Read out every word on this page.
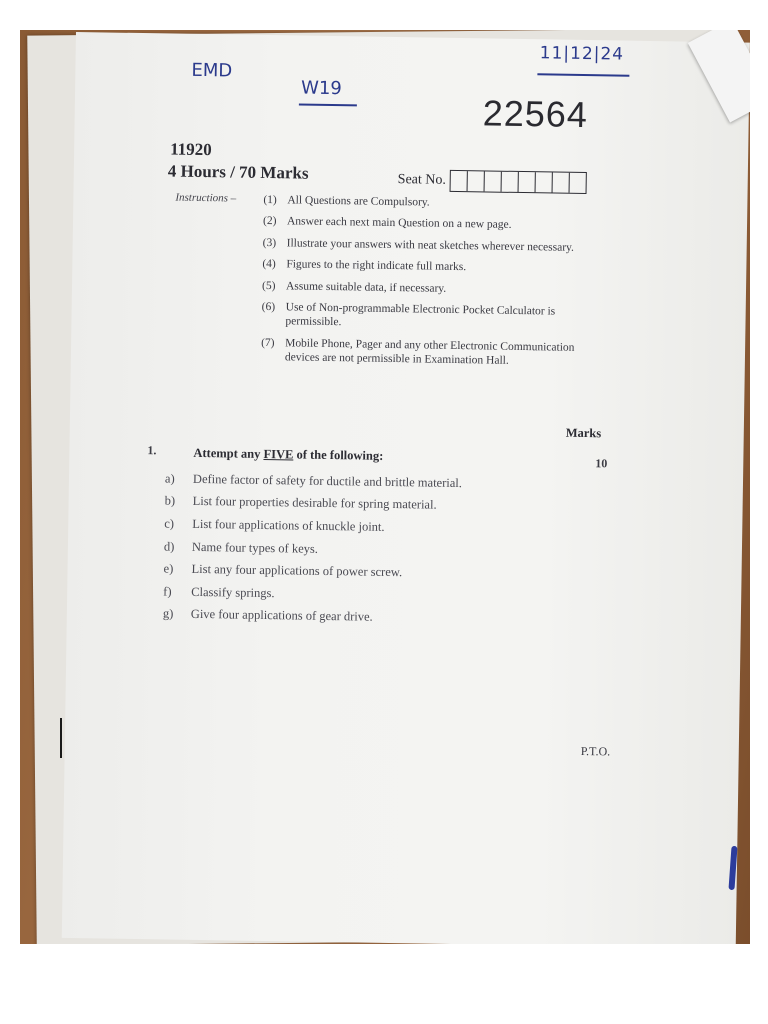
11|12|24
EMD
W19
22564
11920
4 Hours / 70 Marks	Seat No.
Instructions – (1) All Questions are Compulsory.
(2) Answer each next main Question on a new page.
(3) Illustrate your answers with neat sketches wherever necessary.
(4) Figures to the right indicate full marks.
(5) Assume suitable data, if necessary.
(6) Use of Non-programmable Electronic Pocket Calculator is permissible.
(7) Mobile Phone, Pager and any other Electronic Communication devices are not permissible in Examination Hall.
Marks
1.	Attempt any FIVE of the following:
10
a)	Define factor of safety for ductile and brittle material.
b)	List four properties desirable for spring material.
c)	List four applications of knuckle joint.
d)	Name four types of keys.
e)	List any four applications of power screw.
f)	Classify springs.
g)	Give four applications of gear drive.
P.T.O.
